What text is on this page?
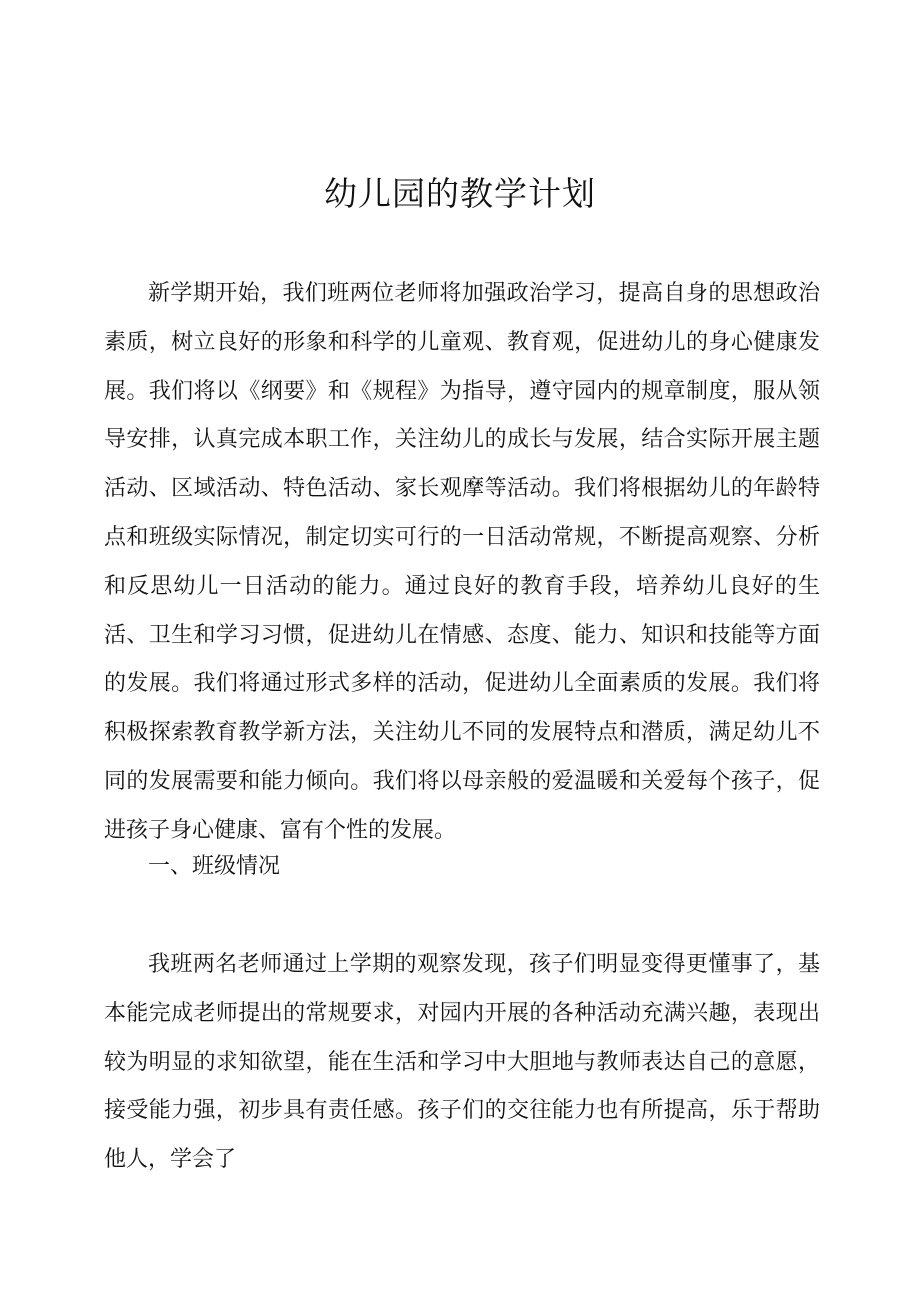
幼儿园的教学计划

新学期开始，我们班两位老师将加强政治学习，提高自身的思想政治素质，树立良好的形象和科学的儿童观、教育观，促进幼儿的身心健康发展。我们将以《纲要》和《规程》为指导，遵守园内的规章制度，服从领导安排，认真完成本职工作，关注幼儿的成长与发展，结合实际开展主题活动、区域活动、特色活动、家长观摩等活动。我们将根据幼儿的年龄特点和班级实际情况，制定切实可行的一日活动常规，不断提高观察、分析和反思幼儿一日活动的能力。通过良好的教育手段，培养幼儿良好的生活、卫生和学习习惯，促进幼儿在情感、态度、能力、知识和技能等方面的发展。我们将通过形式多样的活动，促进幼儿全面素质的发展。我们将积极探索教育教学新方法，关注幼儿不同的发展特点和潜质，满足幼儿不同的发展需要和能力倾向。我们将以母亲般的爱温暖和关爱每个孩子，促进孩子身心健康、富有个性的发展。

一、班级情况

我班两名老师通过上学期的观察发现，孩子们明显变得更懂事了，基本能完成老师提出的常规要求，对园内开展的各种活动充满兴趣，表现出较为明显的求知欲望，能在生活和学习中大胆地与教师表达自己的意愿，接受能力强，初步具有责任感。孩子们的交往能力也有所提高，乐于帮助他人，学会了
